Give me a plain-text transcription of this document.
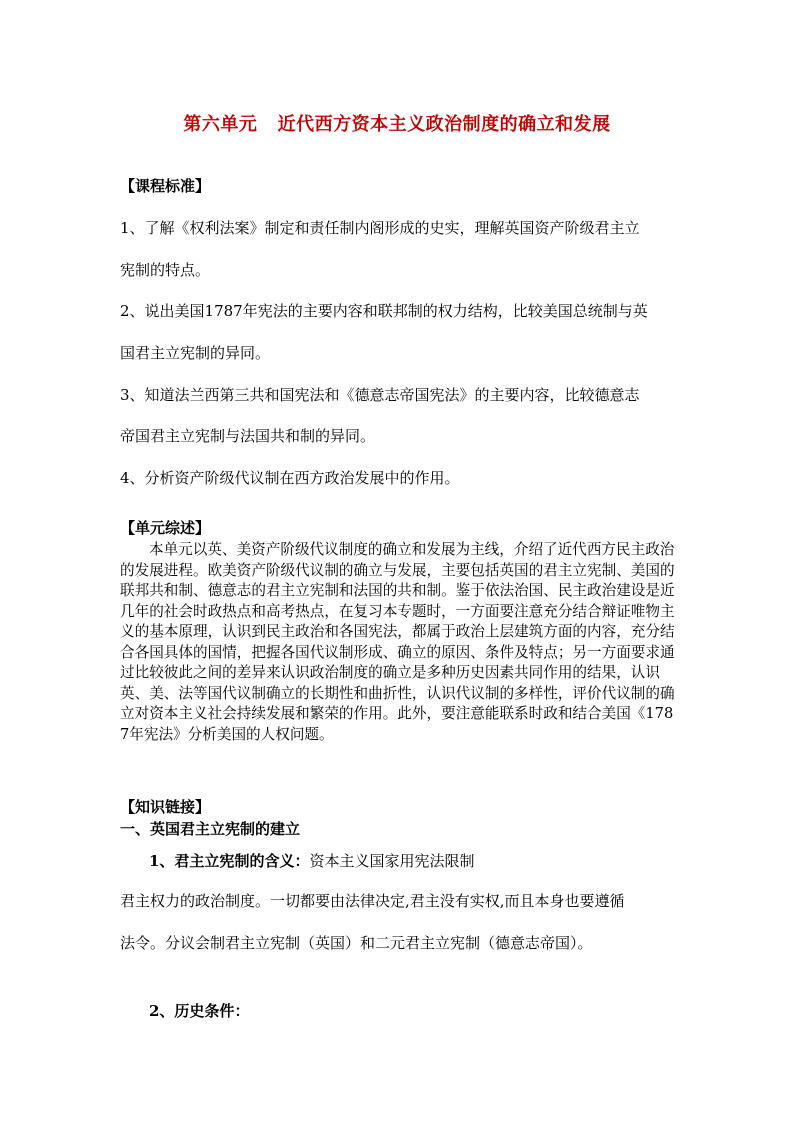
第六单元   近代西方资本主义政治制度的确立和发展
【课程标准】
1、了解《权利法案》制定和责任制内阁形成的史实，理解英国资产阶级君主立
宪制的特点。
2、说出美国1787年宪法的主要内容和联邦制的权力结构，比较美国总统制与英
国君主立宪制的异同。
3、知道法兰西第三共和国宪法和《德意志帝国宪法》的主要内容，比较德意志
帝国君主立宪制与法国共和制的异同。
4、分析资产阶级代议制在西方政治发展中的作用。
【单元综述】
本单元以英、美资产阶级代议制度的确立和发展为主线，介绍了近代西方民主政治的发展进程。欧美资产阶级代议制的确立与发展，主要包括英国的君主立宪制、美国的联邦共和制、德意志的君主立宪制和法国的共和制。鉴于依法治国、民主政治建设是近几年的社会时政热点和高考热点，在复习本专题时，一方面要注意充分结合辩证唯物主义的基本原理，认识到民主政治和各国宪法，都属于政治上层建筑方面的内容，充分结合各国具体的国情，把握各国代议制形成、确立的原因、条件及特点；另一方面要求通过比较彼此之间的差异来认识政治制度的确立是多种历史因素共同作用的结果，认识英、美、法等国代议制确立的长期性和曲折性，认识代议制的多样性，评价代议制的确立对资本主义社会持续发展和繁荣的作用。此外，要注意能联系时政和结合美国《1787年宪法》分析美国的人权问题。
【知识链接】
一、英国君主立宪制的建立
1、君主立宪制的含义：资本主义国家用宪法限制
君主权力的政治制度。一切都要由法律决定,君主没有实权,而且本身也要遵循
法令。分议会制君主立宪制（英国）和二元君主立宪制（德意志帝国）。
2、历史条件：
